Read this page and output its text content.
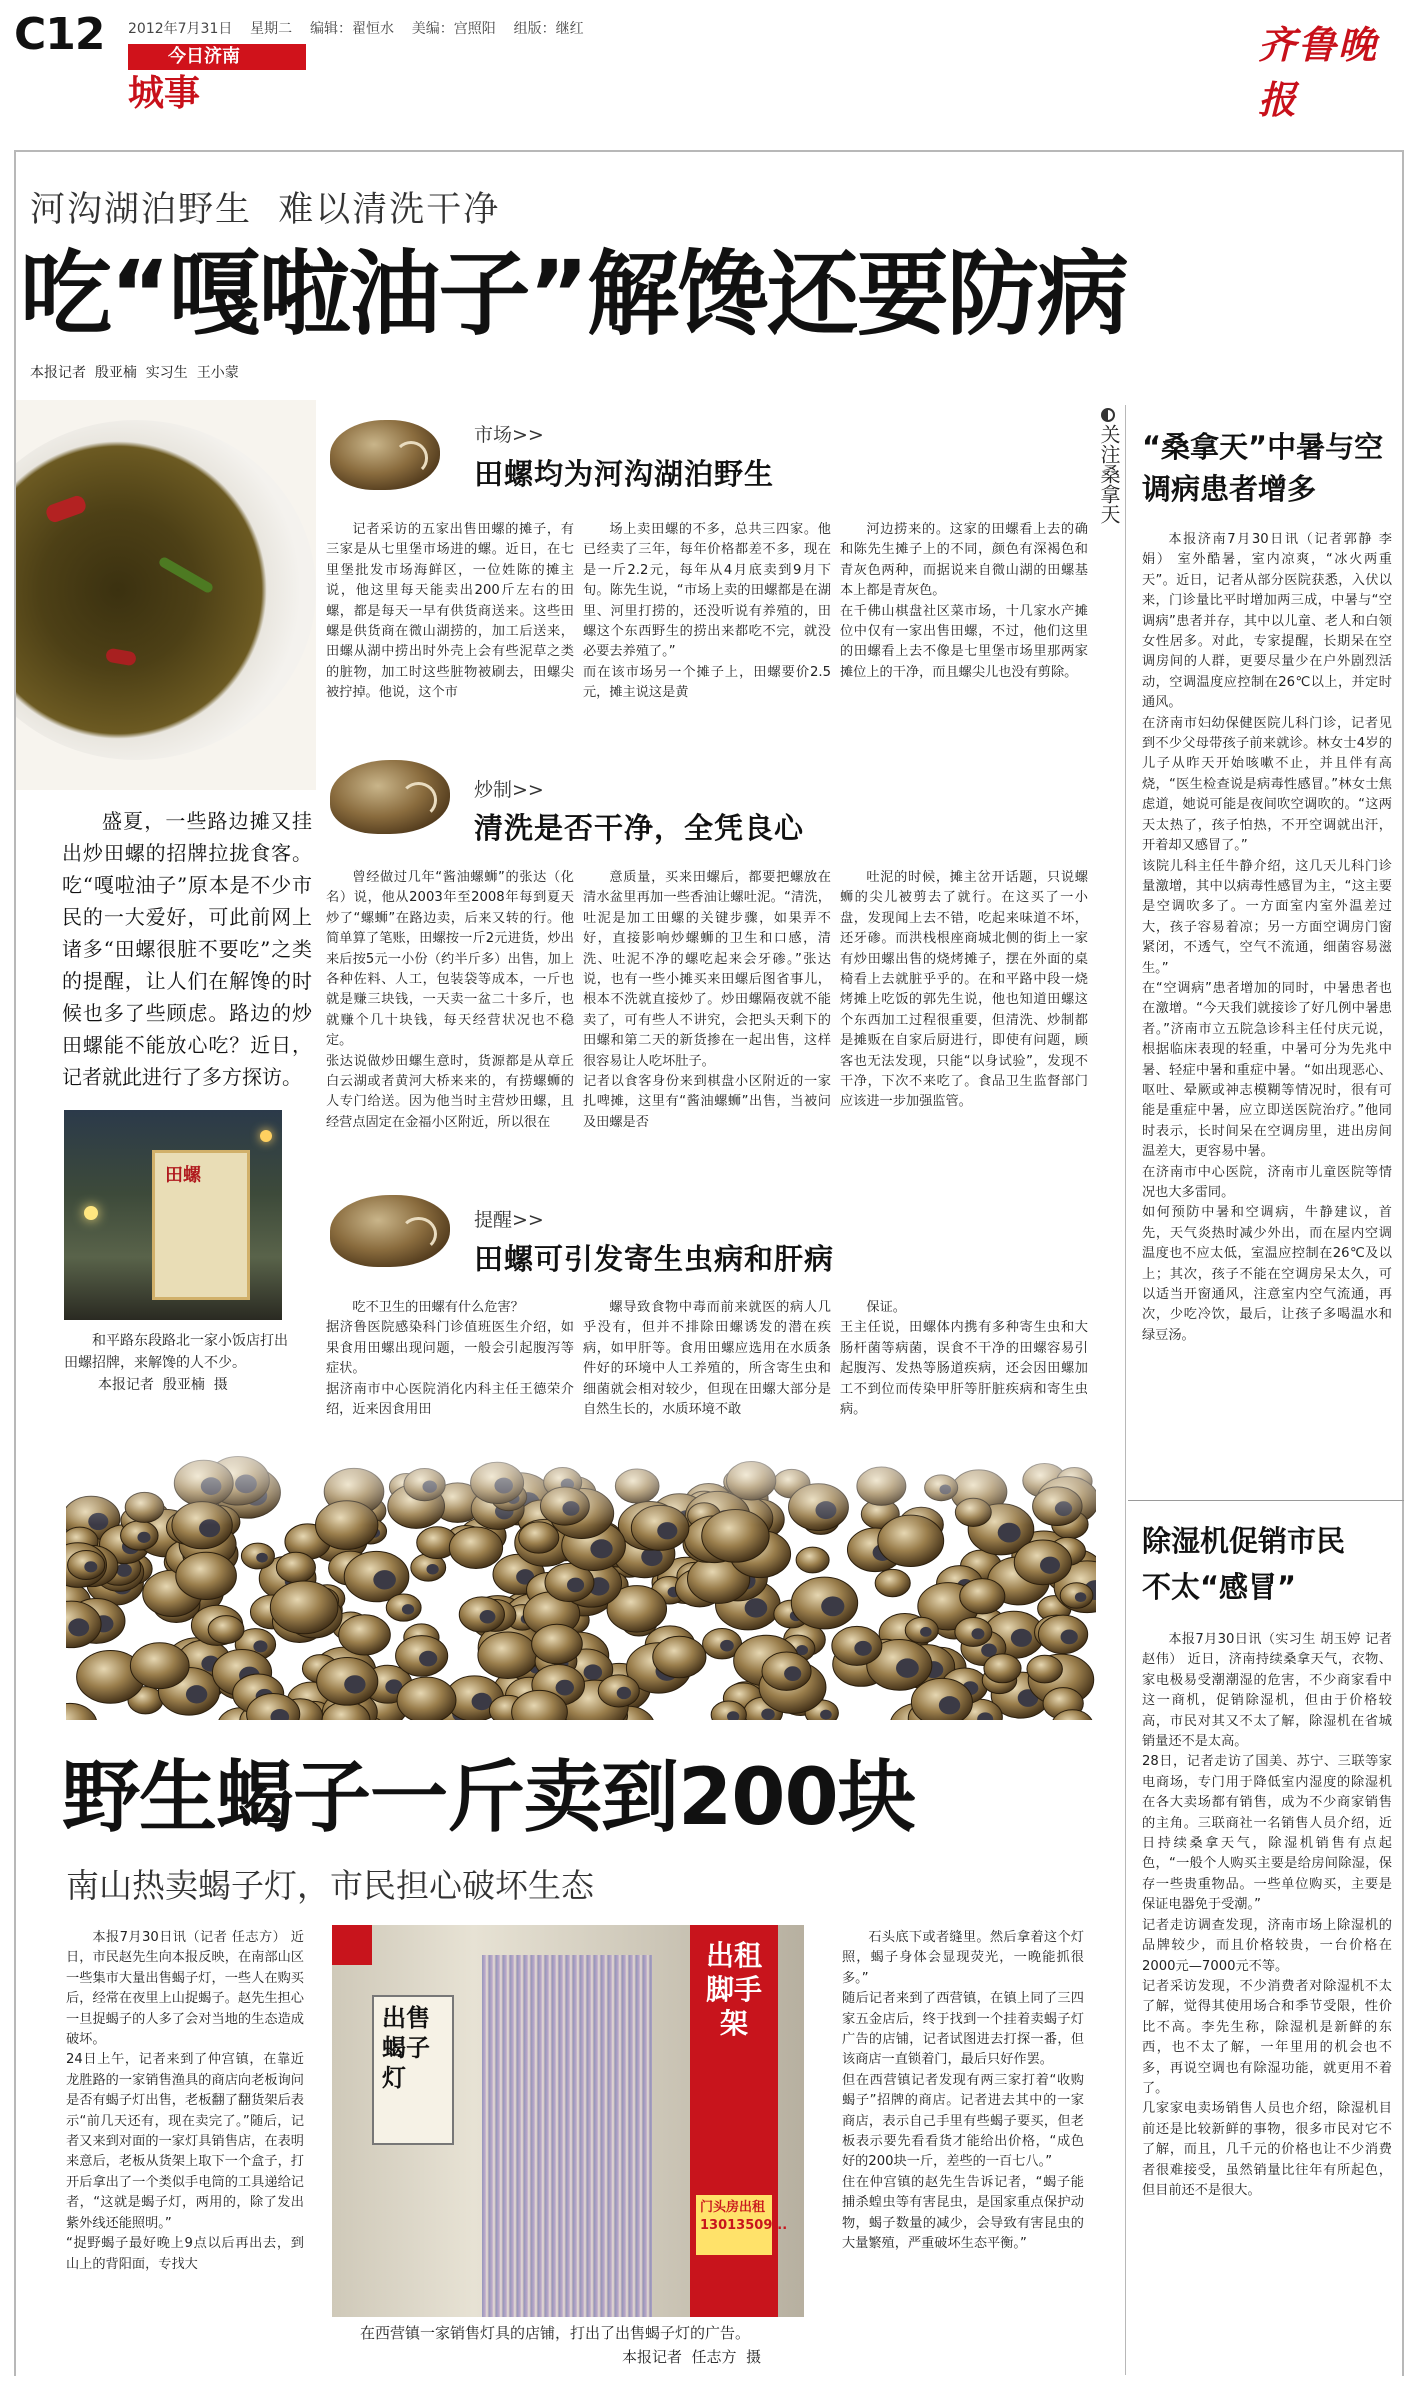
C12 2012年7月31日 星期二 编辑：翟恒水 美编：宫照阳 组版：继红
今日济南
城事
齐鲁晚报
河沟湖泊野生  难以清洗干净
吃“嘎啦油子”解馋还要防病
本报记者  殷亚楠  实习生  王小蒙
盛夏，一些路边摊又挂出炒田螺的招牌拉拢食客。吃“嘎啦油子”原本是不少市民的一大爱好，可此前网上诸多“田螺很脏不要吃”之类的提醒，让人们在解馋的时候也多了些顾虑。路边的炒田螺能不能放心吃？近日，记者就此进行了多方探访。
田螺
和平路东段路北一家小饭店打出田螺招牌，来解馋的人不少。
本报记者  殷亚楠  摄
市场>>
田螺均为河沟湖泊野生

记者采访的五家出售田螺的摊子，有三家是从七里堡市场进的螺。近日，在七里堡批发市场海鲜区，一位姓陈的摊主说，他这里每天能卖出200斤左右的田螺，都是每天一早有供货商送来。这些田螺是供货商在微山湖捞的，加工后送来，田螺从湖中捞出时外壳上会有些泥草之类的脏物，加工时这些脏物被刷去，田螺尖被拧掉。他说，这个市

场上卖田螺的不多，总共三四家。他已经卖了三年，每年价格都差不多，现在是一斤2.2元，每年从4月底卖到9月下旬。陈先生说，“市场上卖的田螺都是在湖里、河里打捞的，还没听说有养殖的，田螺这个东西野生的捞出来都吃不完，就没必要去养殖了。”
而在该市场另一个摊子上，田螺要价2.5元，摊主说这是黄

河边捞来的。这家的田螺看上去的确和陈先生摊子上的不同，颜色有深褐色和青灰色两种，而据说来自微山湖的田螺基本上都是青灰色。
在千佛山棋盘社区菜市场，十几家水产摊位中仅有一家出售田螺，不过，他们这里的田螺看上去不像是七里堡市场里那两家摊位上的干净，而且螺尖儿也没有剪除。

炒制>>
清洗是否干净，全凭良心

曾经做过几年“酱油螺蛳”的张达（化名）说，他从2003年至2008年每到夏天炒了“螺蛳”在路边卖，后来又转的行。他简单算了笔账，田螺按一斤2元进货，炒出来后按5元一小份（约半斤多）出售，加上各种佐料、人工，包装袋等成本，一斤也就是赚三块钱，一天卖一盆二十多斤，也就赚个几十块钱，每天经营状况也不稳定。
张达说做炒田螺生意时，货源都是从章丘白云湖或者黄河大桥来来的，有捞螺蛳的人专门给送。因为他当时主营炒田螺，且经营点固定在金福小区附近，所以很在

意质量，买来田螺后，都要把螺放在清水盆里再加一些香油让螺吐泥。“清洗，吐泥是加工田螺的关键步骤，如果弄不好，直接影响炒螺蛳的卫生和口感，清洗、吐泥不净的螺吃起来会牙碜。”张达说，也有一些小摊买来田螺后图省事儿，根本不洗就直接炒了。炒田螺隔夜就不能卖了，可有些人不讲究，会把头天剩下的田螺和第二天的新货掺在一起出售，这样很容易让人吃坏肚子。
记者以食客身份来到棋盘小区附近的一家扎啤摊，这里有“酱油螺蛳”出售，当被问及田螺是否

吐泥的时候，摊主岔开话题，只说螺蛳的尖儿被剪去了就行。在这买了一小盘，发现闻上去不错，吃起来味道不坏，还牙碜。而洪栈根座商城北侧的街上一家有炒田螺出售的烧烤摊子，摆在外面的桌椅看上去就脏乎乎的。在和平路中段一烧烤摊上吃饭的郭先生说，他也知道田螺这个东西加工过程很重要，但清洗、炒制都是摊贩在自家后厨进行，即使有问题，顾客也无法发现，只能“以身试验”，发现不干净，下次不来吃了。食品卫生监督部门应该进一步加强监管。

提醒>>
田螺可引发寄生虫病和肝病

吃不卫生的田螺有什么危害？
据济鲁医院感染科门诊值班医生介绍，如果食用田螺出现问题，一般会引起腹泻等症状。
据济南市中心医院消化内科主任王德荣介绍，近来因食用田

螺导致食物中毒而前来就医的病人几乎没有，但并不排除田螺诱发的潜在疾病，如甲肝等。食用田螺应选用在水质条件好的环境中人工养殖的，所含寄生虫和细菌就会相对较少，但现在田螺大部分是自然生长的，水质环境不敢

保证。
王主任说，田螺体内携有多种寄生虫和大肠杆菌等病菌，误食不干净的田螺容易引起腹泻、发热等肠道疾病，还会因田螺加工不到位而传染甲肝等肝脏疾病和寄生虫病。

关注桑拿天 “桑拿天”中暑与空调病患者增多

本报济南7月30日讯（记者郭静 李娟） 室外酷暑，室内凉爽，“冰火两重天”。近日，记者从部分医院获悉，入伏以来，门诊量比平时增加两三成，中暑与“空调病”患者并存，其中以儿童、老人和白领女性居多。对此，专家提醒，长期呆在空调房间的人群，更要尽量少在户外剧烈活动，空调温度应控制在26℃以上，并定时通风。
在济南市妇幼保健医院儿科门诊，记者见到不少父母带孩子前来就诊。林女士4岁的儿子从昨天开始咳嗽不止，并且伴有高烧，“医生检查说是病毒性感冒。”林女士焦虑道，她说可能是夜间吹空调吹的。“这两天太热了，孩子怕热，不开空调就出汗，开着却又感冒了。”
该院儿科主任牛静介绍，这几天儿科门诊量激增，其中以病毒性感冒为主，“这主要是空调吹多了。一方面室内室外温差过大，孩子容易着凉；另一方面空调房门窗紧闭，不透气，空气不流通，细菌容易滋生。”
在“空调病”患者增加的同时，中暑患者也在激增。“今天我们就接诊了好几例中暑患者。”济南市立五院急诊科主任付庆元说，根据临床表现的轻重，中暑可分为先兆中暑、轻症中暑和重症中暑。“如出现恶心、呕吐、晕厥或神志模糊等情况时，很有可能是重症中暑，应立即送医院治疗。”他同时表示，长时间呆在空调房里，进出房间温差大，更容易中暑。
在济南市中心医院，济南市儿童医院等情况也大多雷同。
如何预防中暑和空调病，牛静建议，首先，天气炎热时减少外出，而在屋内空调温度也不应太低，室温应控制在26℃及以上；其次，孩子不能在空调房呆太久，可以适当开窗通风，注意室内空气流通，再次，少吃冷饮，最后，让孩子多喝温水和绿豆汤。

除湿机促销市民不太“感冒”

本报7月30日讯（实习生 胡玉婷 记者 赵伟） 近日，济南持续桑拿天气，衣物、家电极易受潮潮湿的危害，不少商家看中这一商机，促销除湿机，但由于价格较高，市民对其又不太了解，除湿机在省城销量还不是太高。
28日，记者走访了国美、苏宁、三联等家电商场，专门用于降低室内湿度的除湿机在各大卖场都有销售，成为不少商家销售的主角。三联商社一名销售人员介绍，近日持续桑拿天气，除湿机销售有点起色，“一般个人购买主要是给房间除湿，保存一些贵重物品。一些单位购买，主要是保证电器免于受潮。”
记者走访调查发现，济南市场上除湿机的品牌较少，而且价格较贵，一台价格在2000元—7000元不等。
记者采访发现，不少消费者对除湿机不太了解，觉得其使用场合和季节受限，性价比不高。李先生称，除湿机是新鲜的东西，也不太了解，一年里用的机会也不多，再说空调也有除湿功能，就更用不着了。
几家家电卖场销售人员也介绍，除湿机目前还是比较新鲜的事物，很多市民对它不了解，而且，几千元的价格也让不少消费者很难接受，虽然销量比往年有所起色，但目前还不是很大。

野生蝎子一斤卖到200块
南山热卖蝎子灯，市民担心破坏生态

本报7月30日讯（记者 任志方） 近日，市民赵先生向本报反映，在南部山区一些集市大量出售蝎子灯，一些人在购买后，经常在夜里上山捉蝎子。赵先生担心一旦捉蝎子的人多了会对当地的生态造成破坏。
24日上午，记者来到了仲宫镇，在靠近龙胜路的一家销售渔具的商店向老板询问是否有蝎子灯出售，老板翻了翻货架后表示“前几天还有，现在卖完了。”随后，记者又来到对面的一家灯具销售店，在表明来意后，老板从货架上取下一个盒子，打开后拿出了一个类似手电筒的工具递给记者，“这就是蝎子灯，两用的，除了发出紫外线还能照明。”
“捉野蝎子最好晚上9点以后再出去，到山上的背阳面，专找大

出售蝎子灯
出租脚手架
门头房出租
13013509...
在西营镇一家销售灯具的店铺，打出了出售蝎子灯的广告。
本报记者  任志方  摄

石头底下或者缝里。然后拿着这个灯照，蝎子身体会显现荧光，一晚能抓很多。”
随后记者来到了西营镇，在镇上同了三四家五金店后，终于找到一个挂着卖蝎子灯广告的店铺，记者试图进去打探一番，但该商店一直锁着门，最后只好作罢。
但在西营镇记者发现有两三家打着“收购蝎子”招牌的商店。记者进去其中的一家商店，表示自己手里有些蝎子要买，但老板表示要先看看货才能给出价格，“成色好的200块一斤，差些的一百七八。”
住在仲宫镇的赵先生告诉记者，“蝎子能捕杀蝗虫等有害昆虫，是国家重点保护动物，蝎子数量的减少，会导致有害昆虫的大量繁殖，严重破坏生态平衡。”
